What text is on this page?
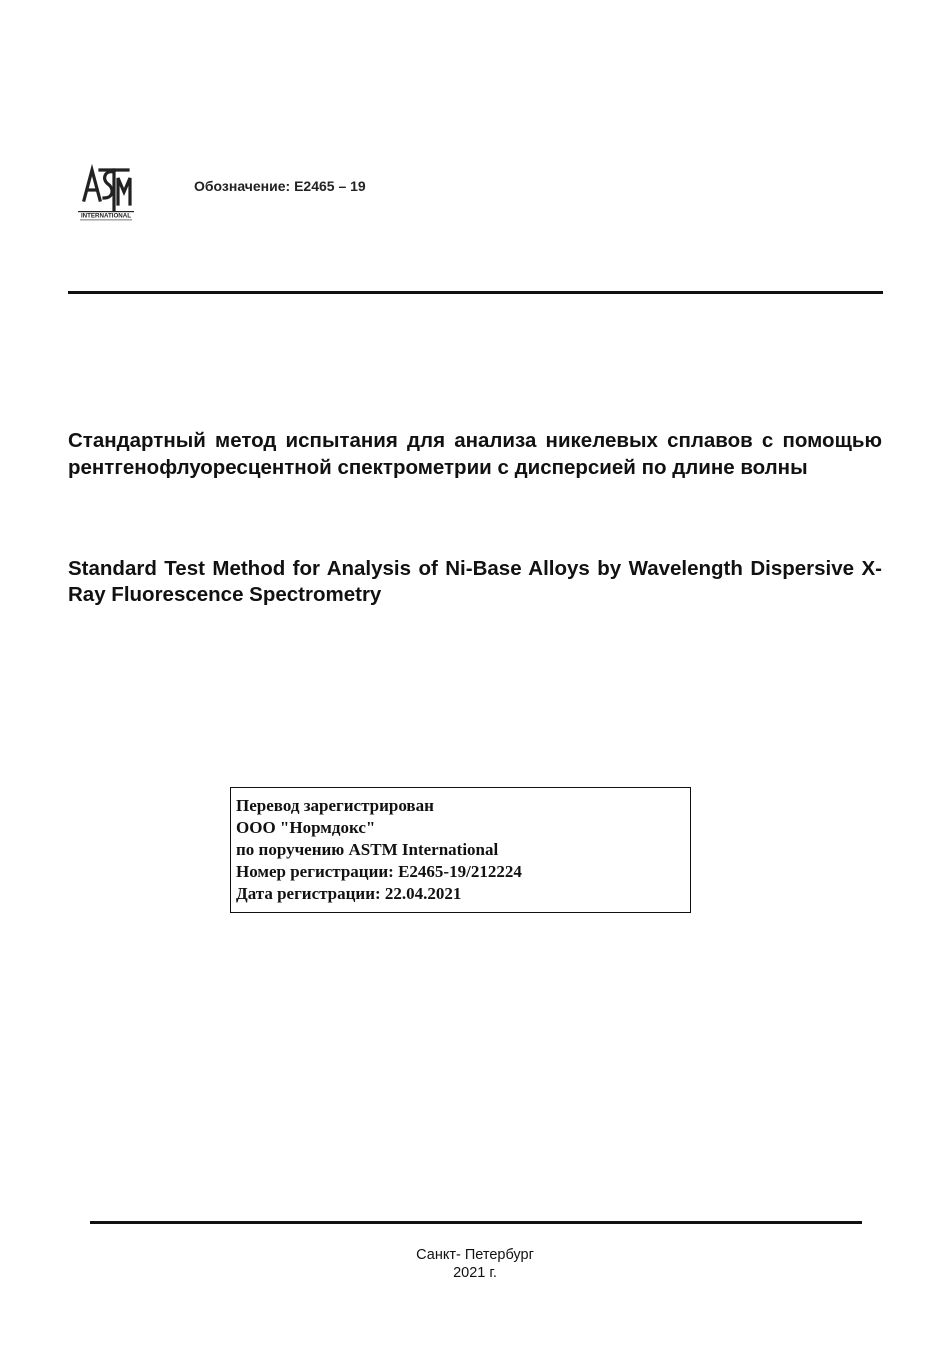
INTERNATIONAL
Обозначение: E2465 – 19
Стандартный метод испытания для анализа никелевых сплавов с помощью рентгенофлуоресцентной спектрометрии с дисперсией по длине волны
Standard Test Method for Analysis of Ni-Base Alloys by Wavelength Dispersive X-Ray Fluorescence Spectrometry
Перевод зарегистрирован
ООО "Нормдокс"
по поручению ASTM International
Номер регистрации: E2465-19/212224
Дата регистрации: 22.04.2021
Санкт- Петербург
2021 г.
